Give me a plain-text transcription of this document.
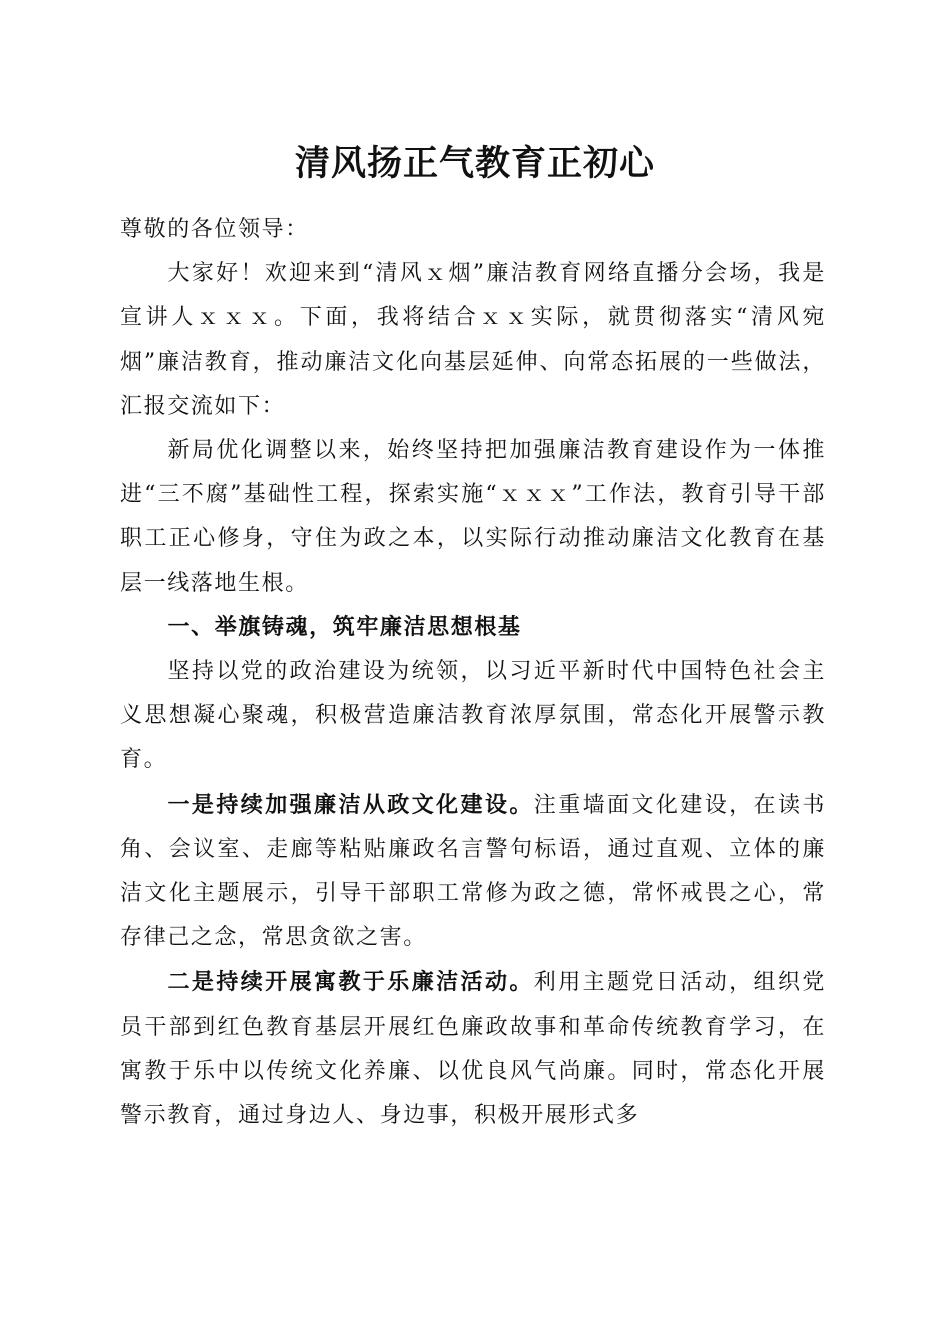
清风扬正气教育正初心

尊敬的各位领导：

大家好！欢迎来到“清风ｘ烟”廉洁教育网络直播分会场，我是宣讲人ｘｘｘ。下面，我将结合ｘｘ实际，就贯彻落实“清风宛烟”廉洁教育，推动廉洁文化向基层延伸、向常态拓展的一些做法，汇报交流如下：

新局优化调整以来，始终坚持把加强廉洁教育建设作为一体推进“三不腐”基础性工程，探索实施“ｘｘｘ”工作法，教育引导干部职工正心修身，守住为政之本，以实际行动推动廉洁文化教育在基层一线落地生根。

一、举旗铸魂，筑牢廉洁思想根基

坚持以党的政治建设为统领，以习近平新时代中国特色社会主义思想凝心聚魂，积极营造廉洁教育浓厚氛围，常态化开展警示教育。

一是持续加强廉洁从政文化建设。注重墙面文化建设，在读书角、会议室、走廊等粘贴廉政名言警句标语，通过直观、立体的廉洁文化主题展示，引导干部职工常修为政之德，常怀戒畏之心，常存律己之念，常思贪欲之害。

二是持续开展寓教于乐廉洁活动。利用主题党日活动，组织党员干部到红色教育基层开展红色廉政故事和革命传统教育学习，在寓教于乐中以传统文化养廉、以优良风气尚廉。同时，常态化开展警示教育，通过身边人、身边事，积极开展形式多
